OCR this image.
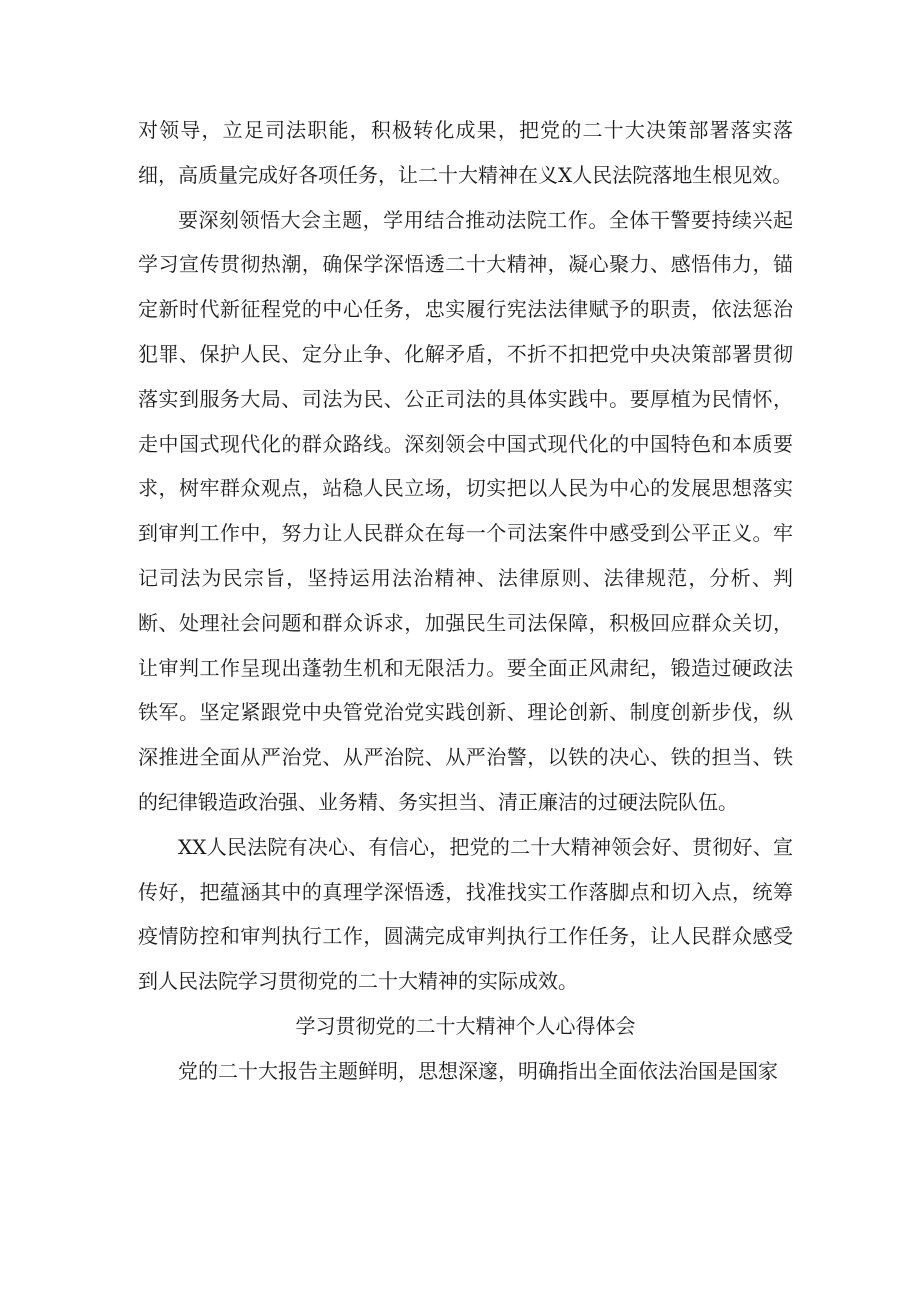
对领导，立足司法职能，积极转化成果，把党的二十大决策部署落实落细，高质量完成好各项任务，让二十大精神在义X人民法院落地生根见效。

要深刻领悟大会主题，学用结合推动法院工作。全体干警要持续兴起学习宣传贯彻热潮，确保学深悟透二十大精神，凝心聚力、感悟伟力，锚定新时代新征程党的中心任务，忠实履行宪法法律赋予的职责，依法惩治犯罪、保护人民、定分止争、化解矛盾，不折不扣把党中央决策部署贯彻落实到服务大局、司法为民、公正司法的具体实践中。要厚植为民情怀，走中国式现代化的群众路线。深刻领会中国式现代化的中国特色和本质要求，树牢群众观点，站稳人民立场，切实把以人民为中心的发展思想落实到审判工作中，努力让人民群众在每一个司法案件中感受到公平正义。牢记司法为民宗旨，坚持运用法治精神、法律原则、法律规范，分析、判断、处理社会问题和群众诉求，加强民生司法保障，积极回应群众关切，让审判工作呈现出蓬勃生机和无限活力。要全面正风肃纪，锻造过硬政法铁军。坚定紧跟党中央管党治党实践创新、理论创新、制度创新步伐，纵深推进全面从严治党、从严治院、从严治警，以铁的决心、铁的担当、铁的纪律锻造政治强、业务精、务实担当、清正廉洁的过硬法院队伍。

XX人民法院有决心、有信心，把党的二十大精神领会好、贯彻好、宣传好，把蕴涵其中的真理学深悟透，找准找实工作落脚点和切入点，统筹疫情防控和审判执行工作，圆满完成审判执行工作任务，让人民群众感受到人民法院学习贯彻党的二十大精神的实际成效。

学习贯彻党的二十大精神个人心得体会

党的二十大报告主题鲜明，思想深邃，明确指出全面依法治国是国家
